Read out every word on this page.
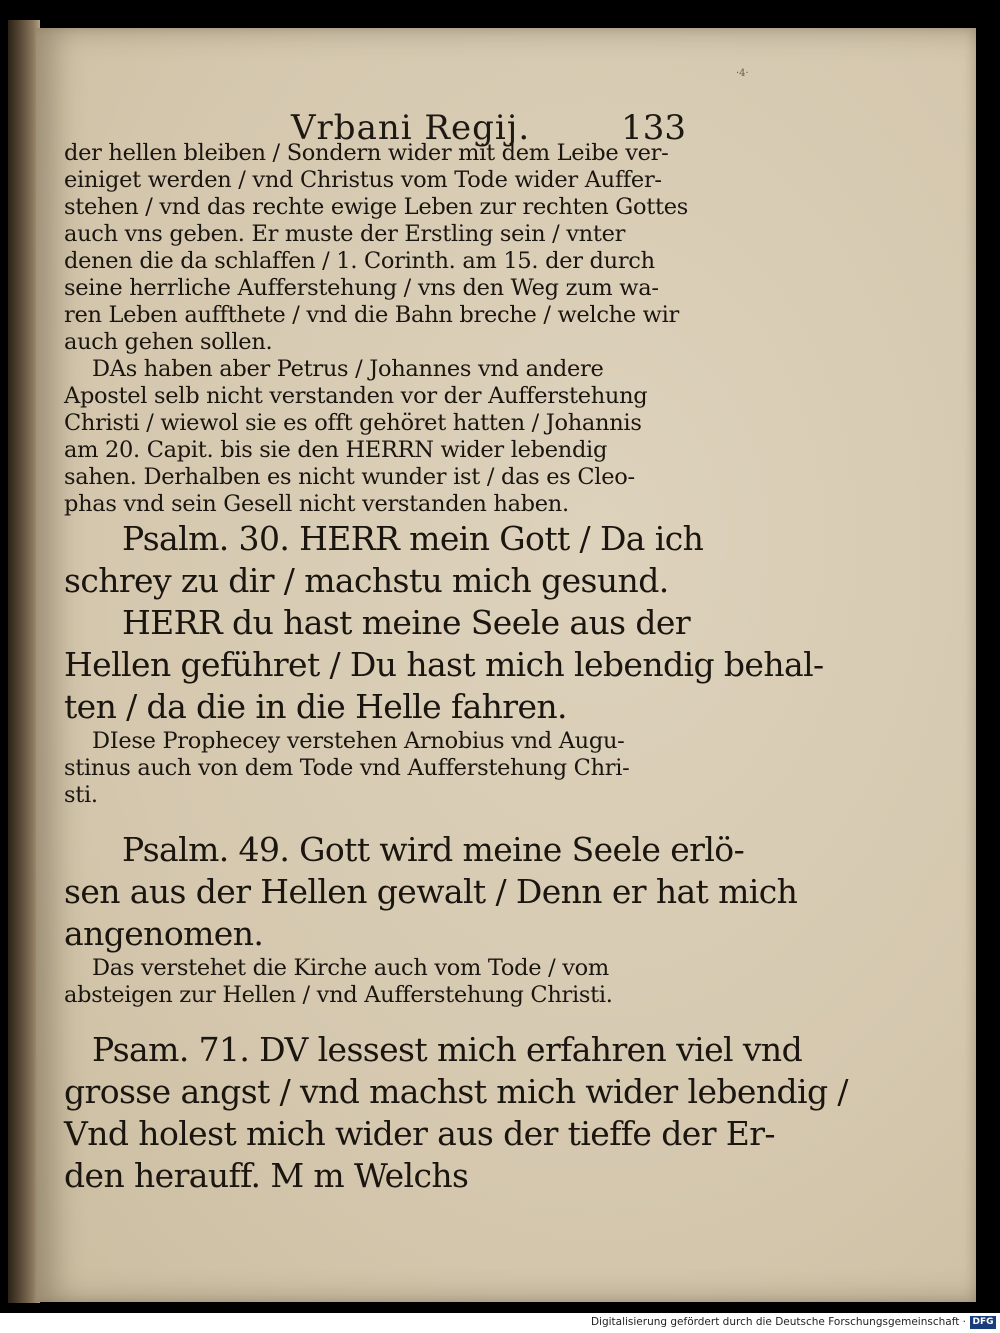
·4·
Vrbani Regij.	133
der hellen bleiben / Sondern wider mit dem Leibe ver-
einiget werden / vnd Christus vom Tode wider Auffer-
stehen / vnd das rechte ewige Leben zur rechten Gottes
auch vns geben. Er muste der Erstling sein / vnter
denen die da schlaffen / 1. Corinth. am 15. der durch
seine herrliche Aufferstehung / vns den Weg zum wa-
ren Leben auffthete / vnd die Bahn breche / welche wir
auch gehen sollen.
DAs haben aber Petrus / Johannes vnd andere
Apostel selb nicht verstanden vor der Aufferstehung
Christi / wiewol sie es offt gehöret hatten / Johannis
am 20. Capit. bis sie den HERRN wider lebendig
sahen. Derhalben es nicht wunder ist / das es Cleo-
phas vnd sein Gesell nicht verstanden haben.
Psalm. 30. HERR mein Gott / Da ich
schrey zu dir / machstu mich gesund.
HERR du hast meine Seele aus der
Hellen geführet / Du hast mich lebendig behal-
ten / da die in die Helle fahren.
DIese Prophecey verstehen Arnobius vnd Augu-
stinus auch von dem Tode vnd Aufferstehung Chri-
sti.
Psalm. 49. Gott wird meine Seele erlö-
sen aus der Hellen gewalt / Denn er hat mich
angenomen.
Das verstehet die Kirche auch vom Tode / vom
absteigen zur Hellen / vnd Aufferstehung Christi.
Psam. 71. DV lessest mich erfahren viel vnd
grosse angst / vnd machst mich wider lebendig /
Vnd holest mich wider aus der tieffe der Er-
den herauff. M m Welchs
Digitalisierung gefördert durch die Deutsche Forschungsgemeinschaft · DFG
